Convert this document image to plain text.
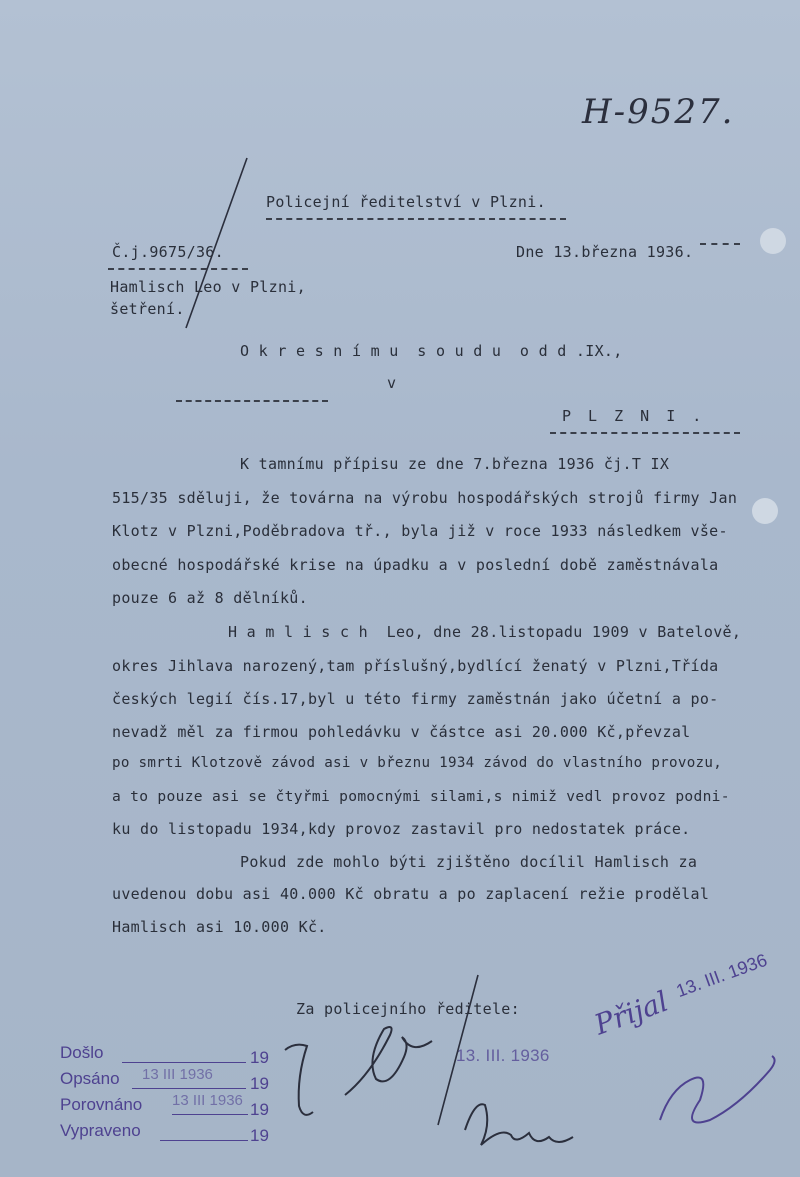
H-9527.
Policejní ředitelství v Plzni.
Č.j.9675/36.	Dne 13.března 1936.
Hamlisch Leo v Plzni,
šetření.
O k r e s n í m u  s o u d u  o d d .IX.,
v
P L Z N I .
K tamnímu přípisu ze dne 7.března 1936 čj.T IX
515/35 sděluji, že továrna na výrobu hospodářských strojů firmy Jan
Klotz v Plzni,Poděbradova tř., byla již v roce 1933 následkem vše-
obecné hospodářské krise na úpadku a v poslední době zaměstnávala
pouze 6 až 8 dělníků.
H a m l i s c h  Leo, dne 28.listopadu 1909 v Batelově,
okres Jihlava narozený,tam příslušný,bydlící ženatý v Plzni,Třída
českých legií čís.17,byl u této firmy zaměstnán jako účetní a po-
nevadž měl za firmou pohledávku v částce asi 20.000 Kč,převzal
po smrti Klotzově závod asi v březnu 1934 závod do vlastního provozu,
a to pouze asi se čtyřmi pomocnými silami,s nimiž vedl provoz podni-
ku do listopadu 1934,kdy provoz zastavil pro nedostatek práce.
Pokud zde mohlo býti zjištěno docílil Hamlisch za
uvedenou dobu asi 40.000 Kč obratu a po zaplacení režie prodělal
Hamlisch asi 10.000 Kč.
Za policejního ředitele:
13. III. 1936
Přijal
13. III. 1936
Došlo	19
Opsáno 13 III 1936 19
Porovnáno 13 III 1936 19
Vypraveno	19
